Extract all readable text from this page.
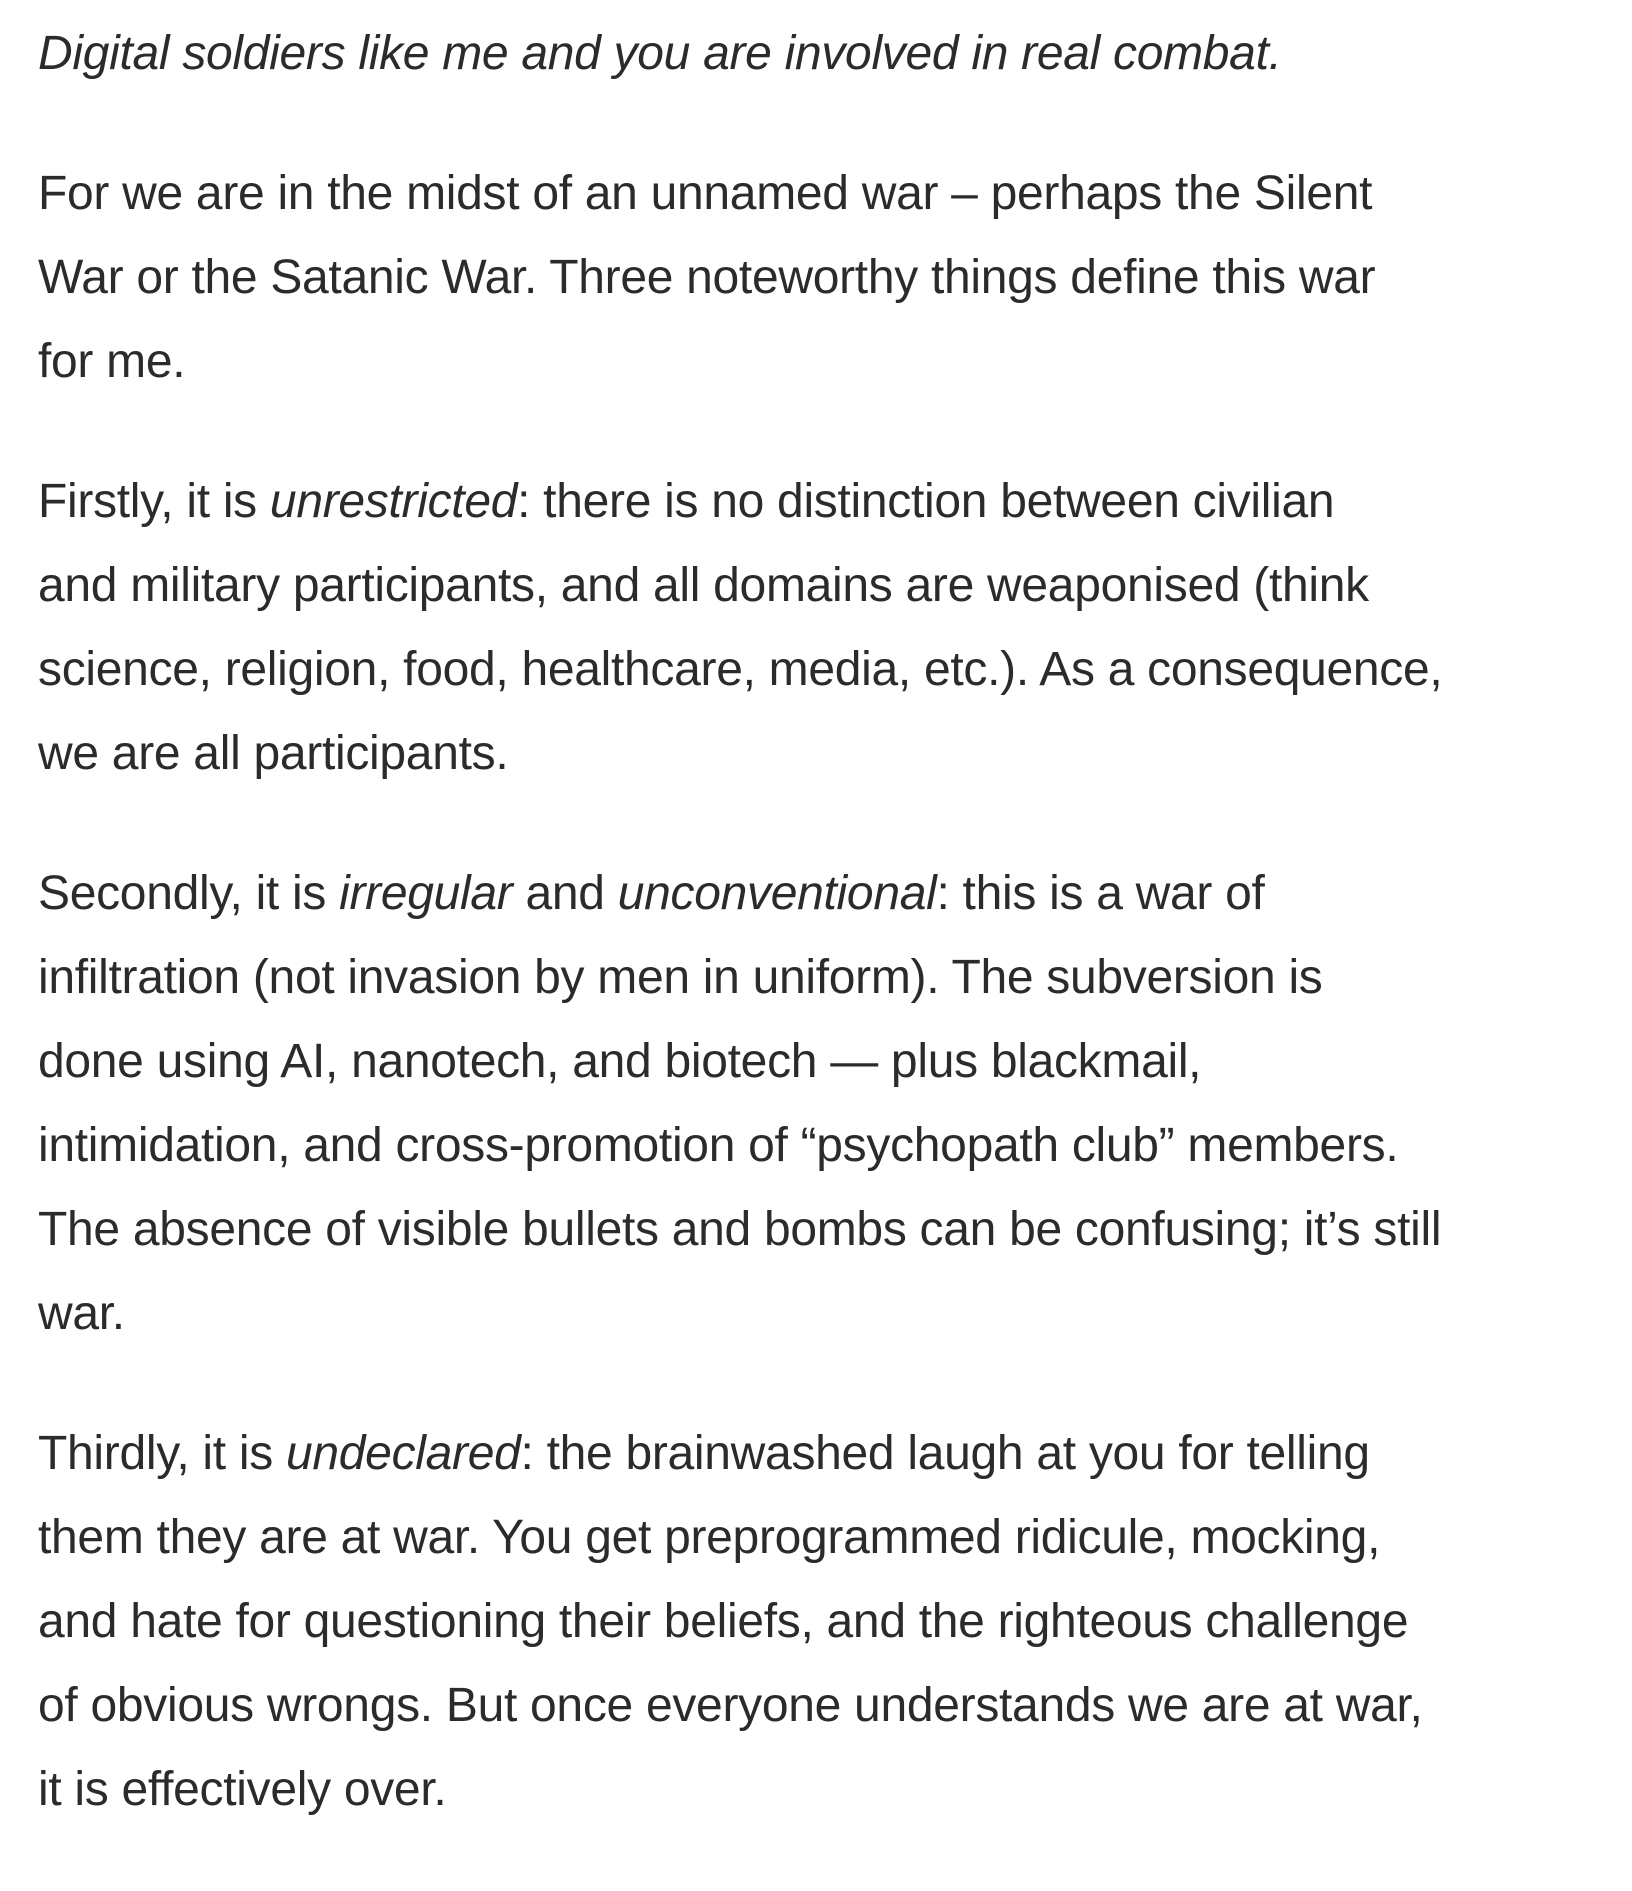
Digital soldiers like me and you are involved in real combat.

For we are in the midst of an unnamed war – perhaps the Silent
War or the Satanic War. Three noteworthy things define this war
for me.

Firstly, it is unrestricted: there is no distinction between civilian
and military participants, and all domains are weaponised (think
science, religion, food, healthcare, media, etc.). As a consequence,
we are all participants.

Secondly, it is irregular and unconventional: this is a war of
infiltration (not invasion by men in uniform). The subversion is
done using AI, nanotech, and biotech — plus blackmail,
intimidation, and cross-promotion of “psychopath club” members.
The absence of visible bullets and bombs can be confusing; it’s still
war.

Thirdly, it is undeclared: the brainwashed laugh at you for telling
them they are at war. You get preprogrammed ridicule, mocking,
and hate for questioning their beliefs, and the righteous challenge
of obvious wrongs. But once everyone understands we are at war,
it is effectively over.
